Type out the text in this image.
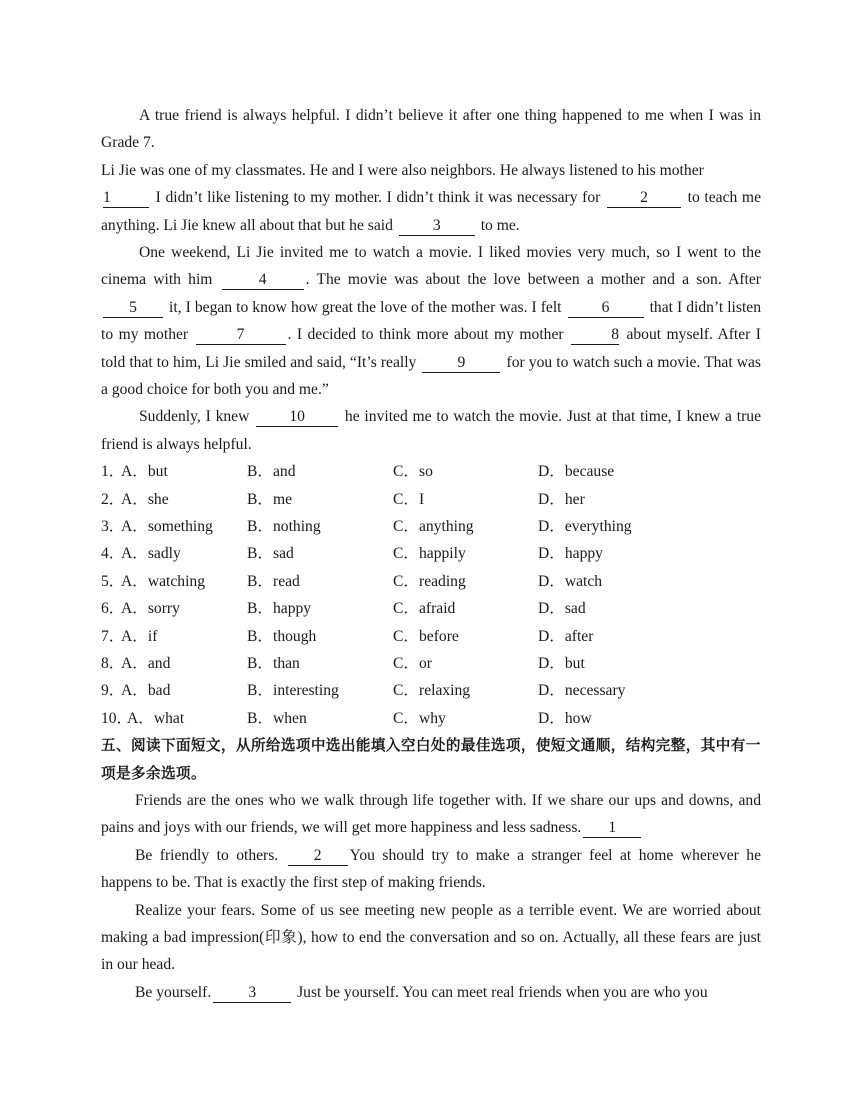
A true friend is always helpful. I didn’t believe it after one thing happened to me when I was in Grade 7.

Li Jie was one of my classmates. He and I were also neighbors. He always listened to his mother
1	I didn’t like listening to my mother. I didn’t think it was necessary for 2 to teach me anything. Li Jie knew all about that but he said 3 to me.

One weekend, Li Jie invited me to watch a movie. I liked movies very much, so I went to the cinema with him	4	. The movie was about the love between a mother and a son. After 5 it, I began to know how great the love of the mother was. I felt 6 that I didn’t listen to my mother	7	. I decided to think more about my mother	8 about myself. After I told that to him, Li Jie smiled and said, “It’s really 9 for you to watch such a movie. That was a good choice for both you and me.”

Suddenly, I knew 10 he invited me to watch the movie. Just at that time, I knew a true friend is always helpful.

1．
A．but	B．and	C．so	D．because
2．
A．she	B．me	C．I	D．her
3．
A．something B．nothing	C．anything	D．everything
4．
A．sadly	B．sad	C．happily	D．happy
5．
A．watching	B．read	C．reading	D．watch
6．
A．sorry	B．happy	C．afraid	D．sad
7．
A．if	B．though	C．before	D．after
8．
A．and	B．than	C．or	D．but
9．
A．bad	B．interesting	C．relaxing	D．necessary
10．
A．what	B．when	C．why	D．how

五、阅读下面短文，从所给选项中选出能填入空白处的最佳选项，使短文通顺，结构完整，其中有一项是多余选项。

Friends are the ones who we walk through life together with. If we share our ups and downs, and pains and joys with our friends, we will get more happiness and less sadness. 1

Be friendly to others. 2 You should try to make a stranger feel at home wherever he happens to be. That is exactly the first step of making friends.

Realize your fears. Some of us see meeting new people as a terrible event. We are worried about making a bad impression(印象), how to end the conversation and so on. Actually, all these fears are just in our head.

Be yourself. 3 Just be yourself. You can meet real friends when you are who you
